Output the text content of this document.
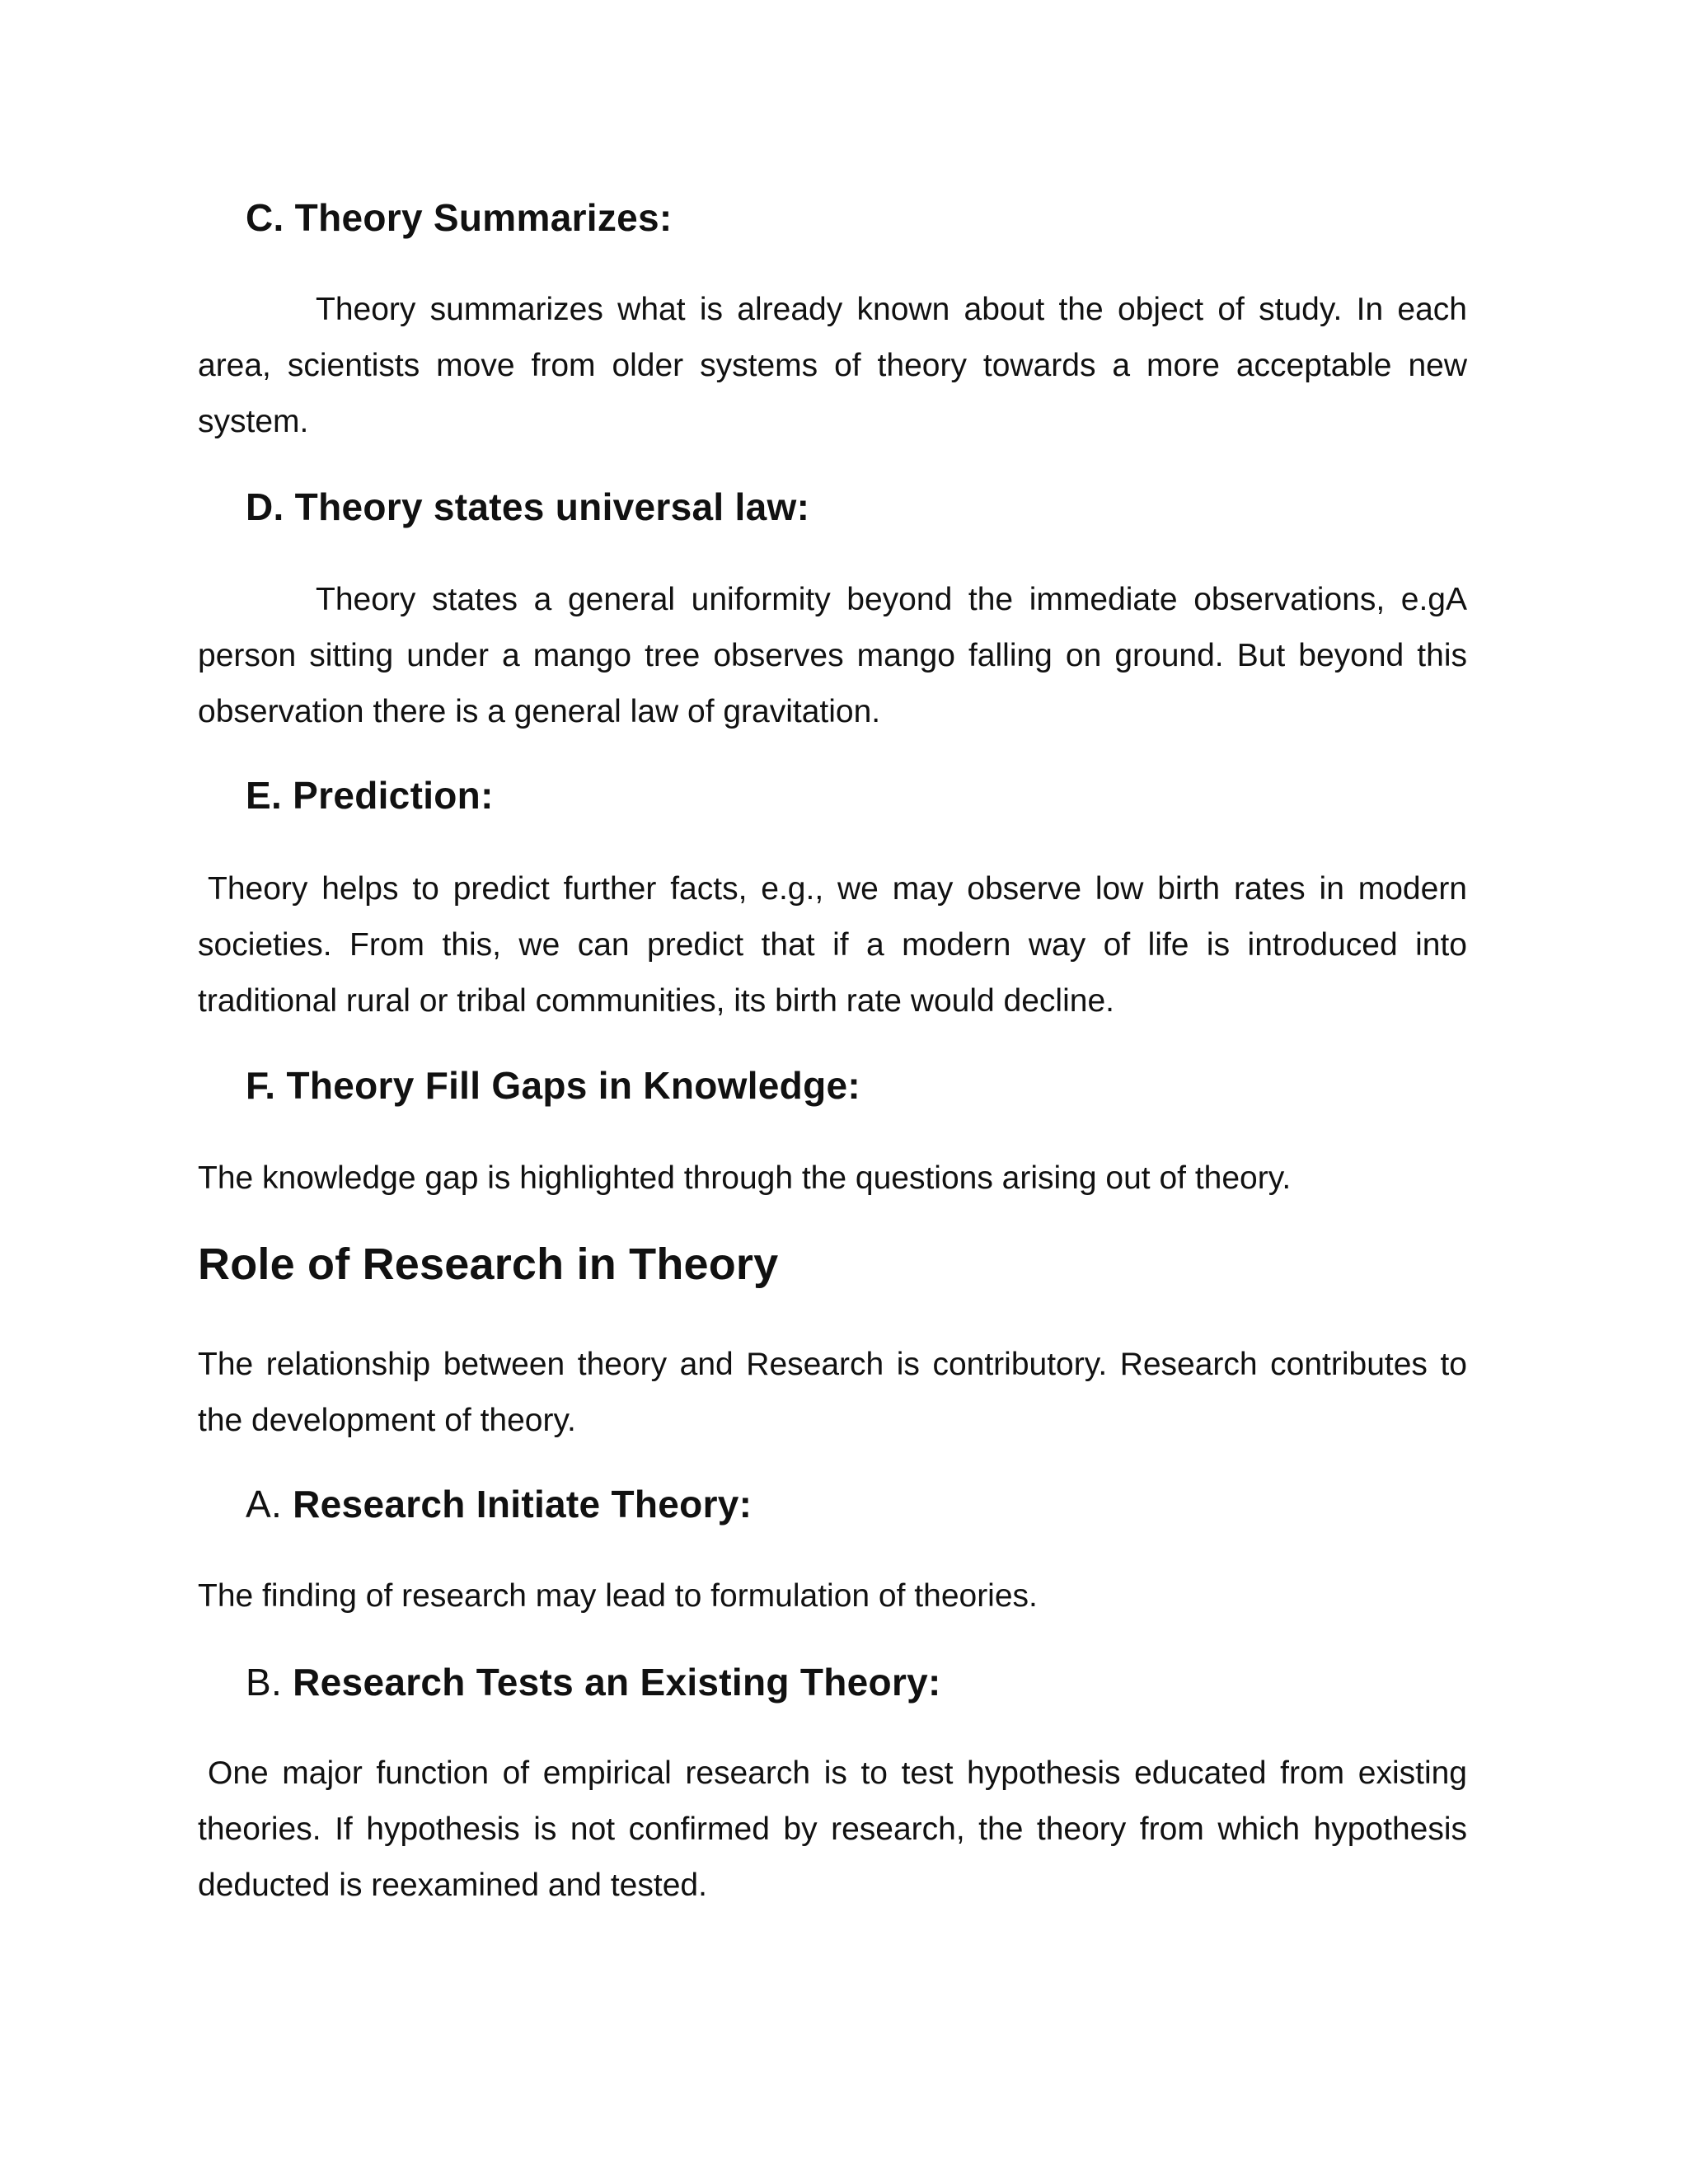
C. Theory Summarizes:

Theory summarizes what is already known about the object of study. In each area, scientists move from older systems of theory towards a more acceptable new system.

D. Theory states universal law:

Theory states a general uniformity beyond the immediate observations, e.gA person sitting under a mango tree observes mango falling on ground. But beyond this observation there is a general law of gravitation.

E. Prediction:

Theory helps to predict further facts, e.g., we may observe low birth rates in modern societies. From this, we can predict that if a modern way of life is introduced into traditional rural or tribal communities, its birth rate would decline.

F. Theory Fill Gaps in Knowledge:

The knowledge gap is highlighted through the questions arising out of theory.

Role of Research in Theory

The relationship between theory and Research is contributory. Research contributes to the development of theory.

A. Research Initiate Theory:

The finding of research may lead to formulation of theories.

B. Research Tests an Existing Theory:

One major function of empirical research is to test hypothesis educated from existing theories. If hypothesis is not confirmed by research, the theory from which hypothesis deducted is reexamined and tested.
